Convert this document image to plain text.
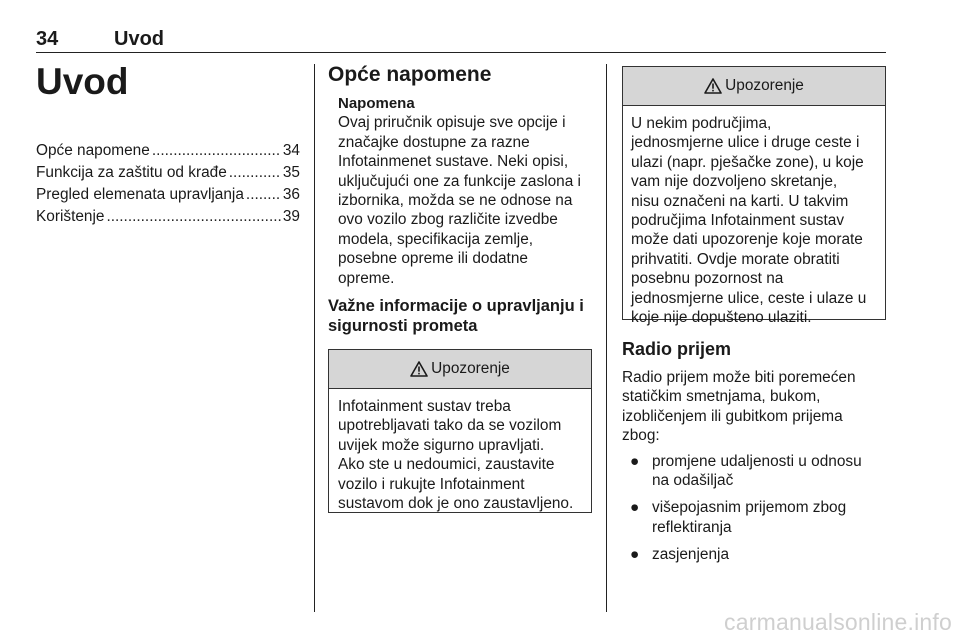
34	Uvod
Uvod
Opće napomene .....	34
Funkcija za zaštitu od krađe .....	35
Pregled elemenata upravljanja .....	36
Korištenje .....	39
Opće napomene
Napomena
Ovaj priručnik opisuje sve opcije i
značajke dostupne za razne
Infotainmenet sustave. Neki opisi,
uključujući one za funkcije zaslona i
izbornika, možda se ne odnose na
ovo vozilo zbog različite izvedbe
modela, specifikacija zemlje,
posebne opreme ili dodatne
opreme.
Važne informacije o upravljanju i
sigurnosti prometa
Upozorenje
Infotainment sustav treba
upotrebljavati tako da se vozilom
uvijek može sigurno upravljati.
Ako ste u nedoumici, zaustavite
vozilo i rukujte Infotainment
sustavom dok je ono zaustavljeno.
Upozorenje
U nekim područjima,
jednosmjerne ulice i druge ceste i
ulazi (napr. pješačke zone), u koje
vam nije dozvoljeno skretanje,
nisu označeni na karti. U takvim
područjima Infotainment sustav
može dati upozorenje koje morate
prihvatiti. Ovdje morate obratiti
posebnu pozornost na
jednosmjerne ulice, ceste i ulaze u
koje nije dopušteno ulaziti.
Radio prijem

Radio prijem može biti poremećen
statičkim smetnjama, bukom,
izobličenjem ili gubitkom prijema
zbog:

● promjene udaljenosti u odnosu
na odašiljač
● višepojasnim prijemom zbog
reflektiranja
● zasjenjenja
carmanualsonline.info
